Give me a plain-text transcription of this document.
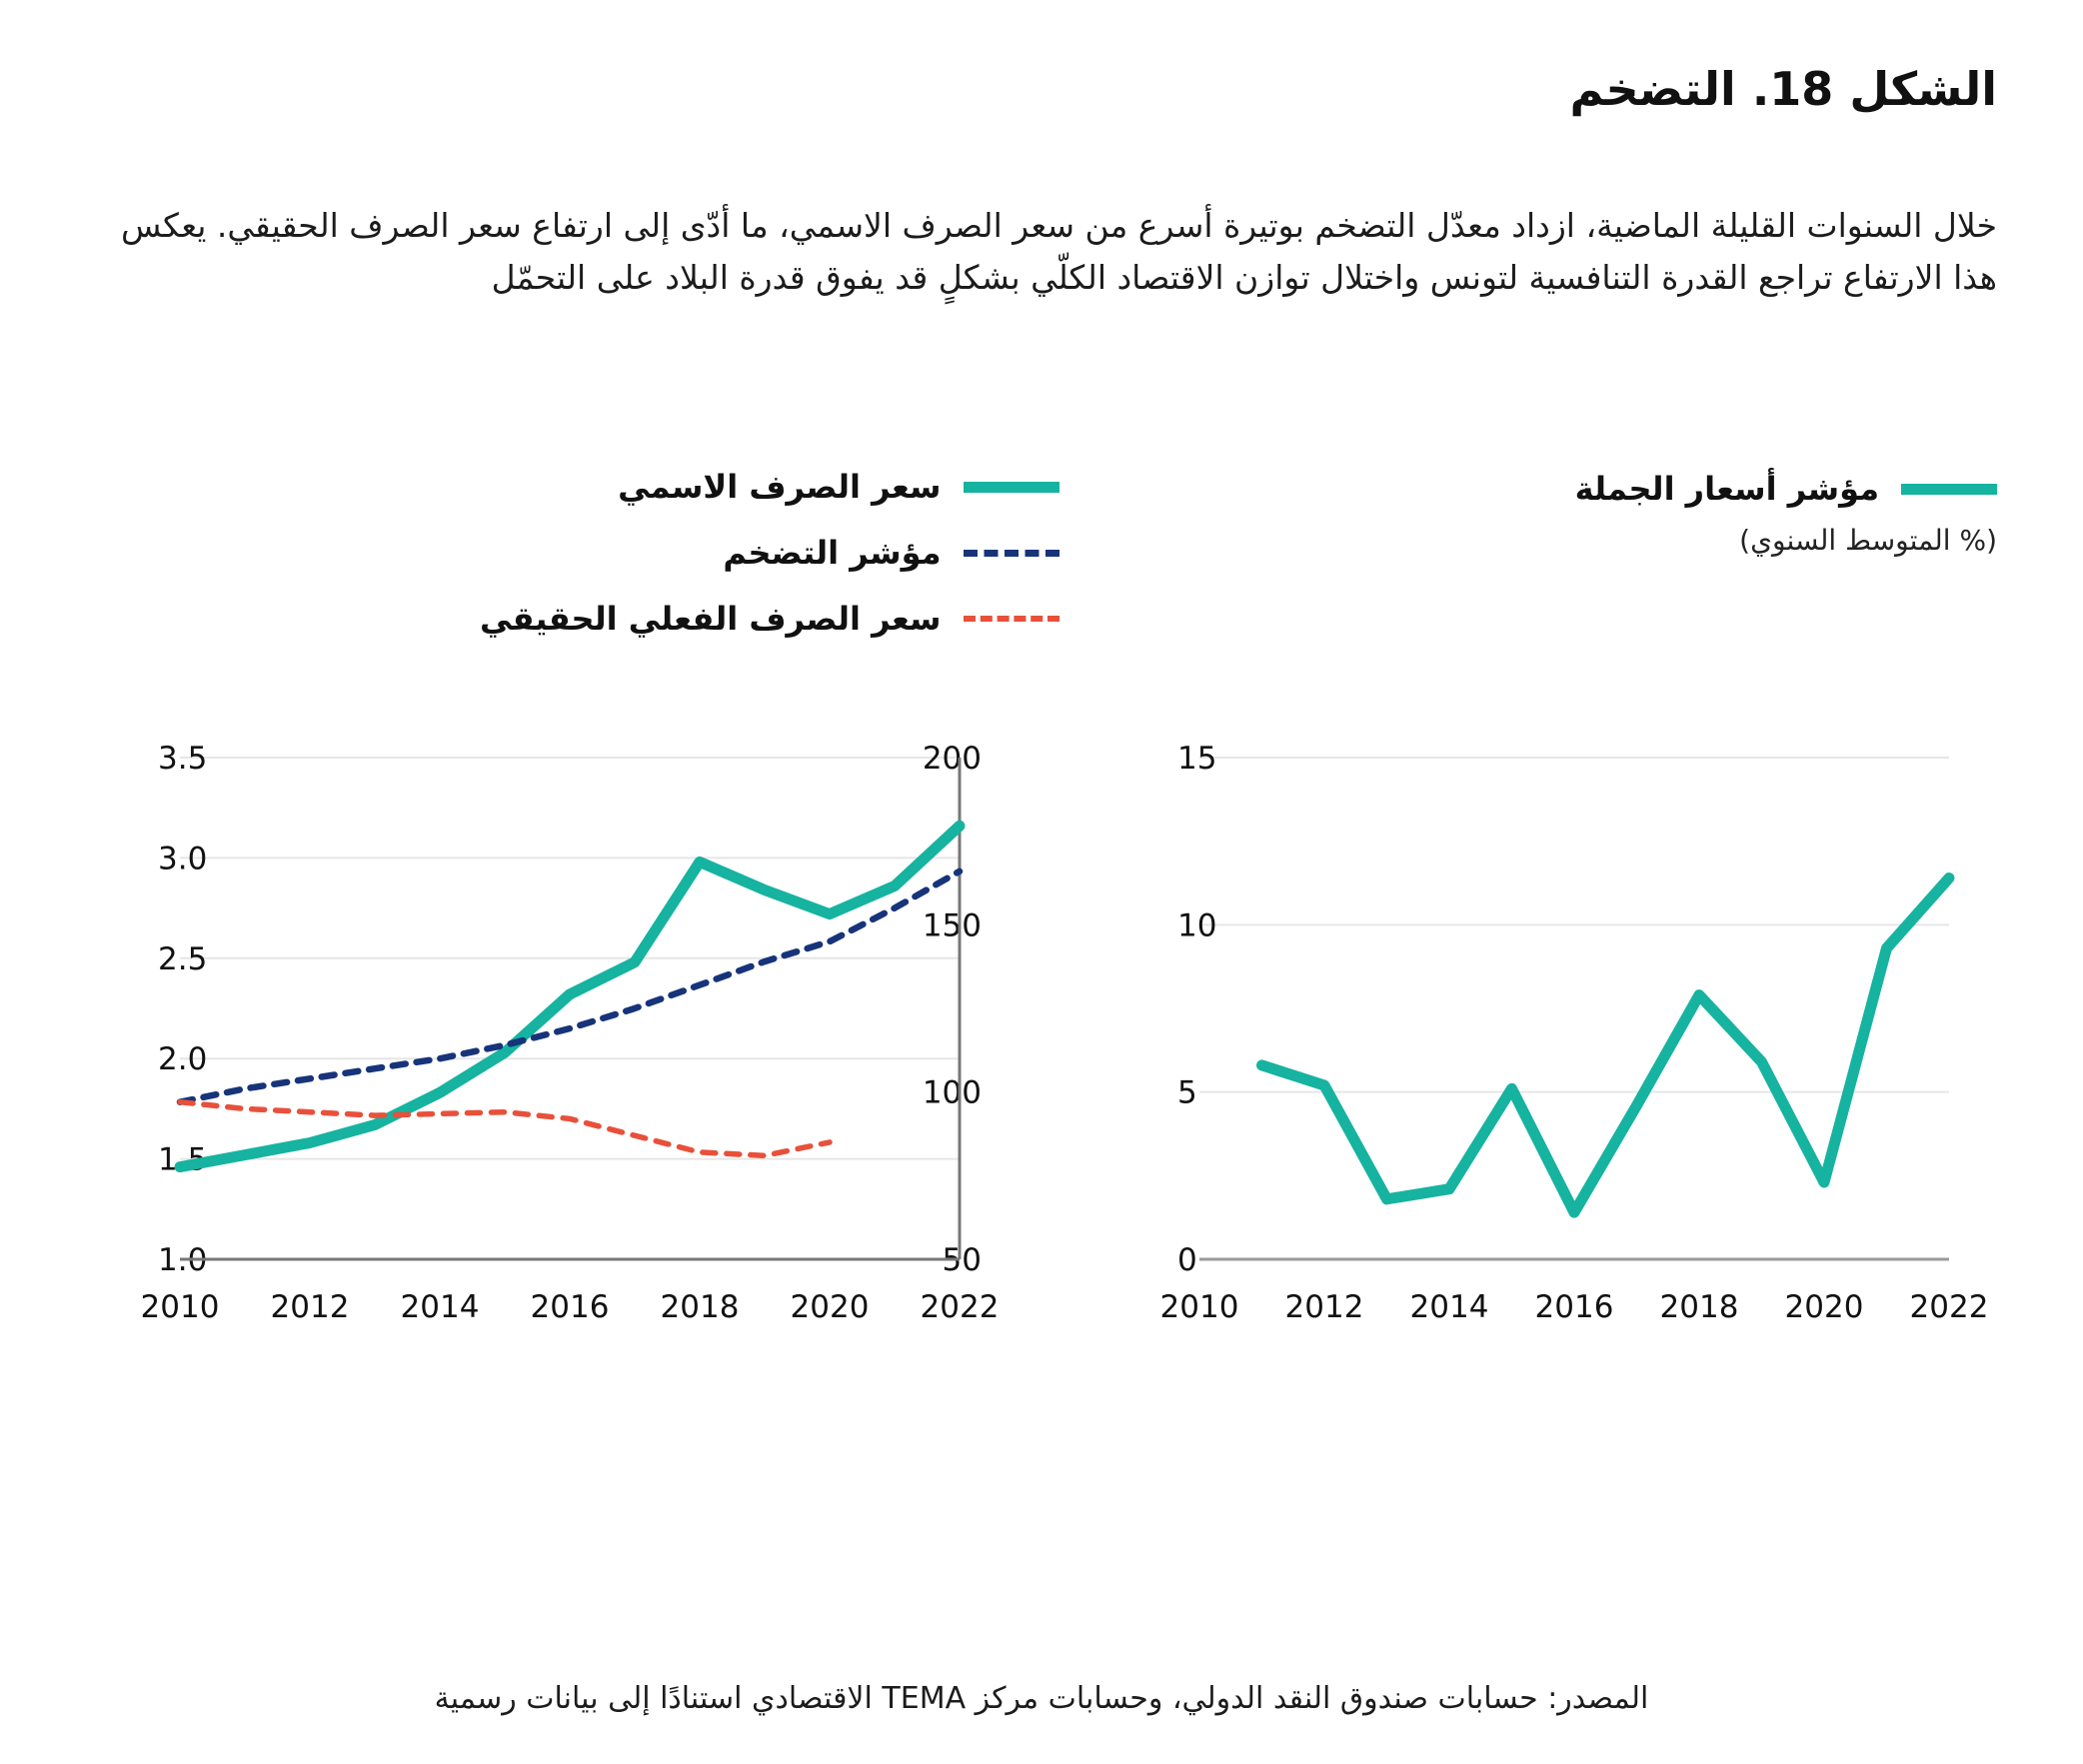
الشكل 18. التضخم
خلال السنوات القليلة الماضية، ازداد معدّل التضخم بوتيرة أسرع من سعر الصرف الاسمي، ما أدّى إلى ارتفاع سعر الصرف الحقيقي. يعكس هذا الارتفاع تراجع القدرة التنافسية لتونس واختلال توازن الاقتصاد الكلّي بشكلٍ قد يفوق قدرة البلاد على التحمّل
مؤشر أسعار الجملة
(% المتوسط السنوي)
سعر الصرف الاسمي
مؤشر التضخم
سعر الصرف الفعلي الحقيقي
1.0
1.5
2.0
2.5
3.0
3.5
50
100
150
200
2010 2012 2014 2016 2018 2020 2022
0
5
10
15
2010 2012 2014 2016 2018 2020 2022
المصدر: حسابات صندوق النقد الدولي، وحسابات مركز TEMA الاقتصادي استنادًا إلى بيانات رسمية
